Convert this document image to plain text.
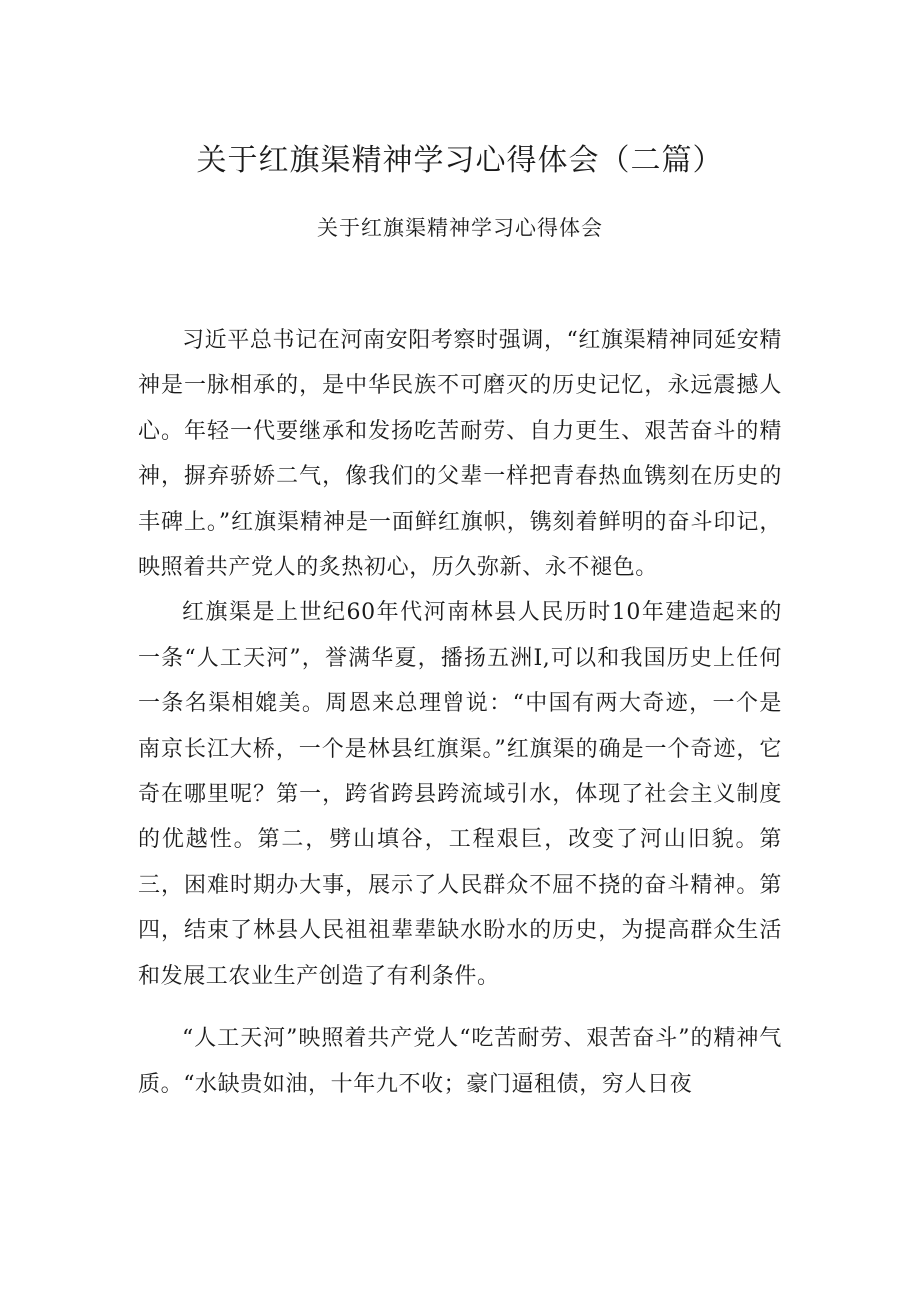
关于红旗渠精神学习心得体会（二篇）
关于红旗渠精神学习心得体会

习近平总书记在河南安阳考察时强调，“红旗渠精神同延安精神是一脉相承的，是中华民族不可磨灭的历史记忆，永远震撼人心。年轻一代要继承和发扬吃苦耐劳、自力更生、艰苦奋斗的精神，摒弃骄娇二气，像我们的父辈一样把青春热血镌刻在历史的丰碑上。”红旗渠精神是一面鲜红旗帜，镌刻着鲜明的奋斗印记，映照着共产党人的炙热初心，历久弥新、永不褪色。

红旗渠是上世纪60年代河南林县人民历时10年建造起来的一条“人工天河”，誉满华夏，播扬五洲I,可以和我国历史上任何一条名渠相媲美。周恩来总理曾说：“中国有两大奇迹，一个是南京长江大桥，一个是林县红旗渠。”红旗渠的确是一个奇迹，它奇在哪里呢？第一，跨省跨县跨流域引水，体现了社会主义制度的优越性。第二，劈山填谷，工程艰巨，改变了河山旧貌。第三，困难时期办大事，展示了人民群众不屈不挠的奋斗精神。第四，结束了林县人民祖祖辈辈缺水盼水的历史，为提高群众生活和发展工农业生产创造了有利条件。

“人工天河”映照着共产党人“吃苦耐劳、艰苦奋斗”的精神气质。“水缺贵如油，十年九不收；豪门逼租债，穷人日夜
